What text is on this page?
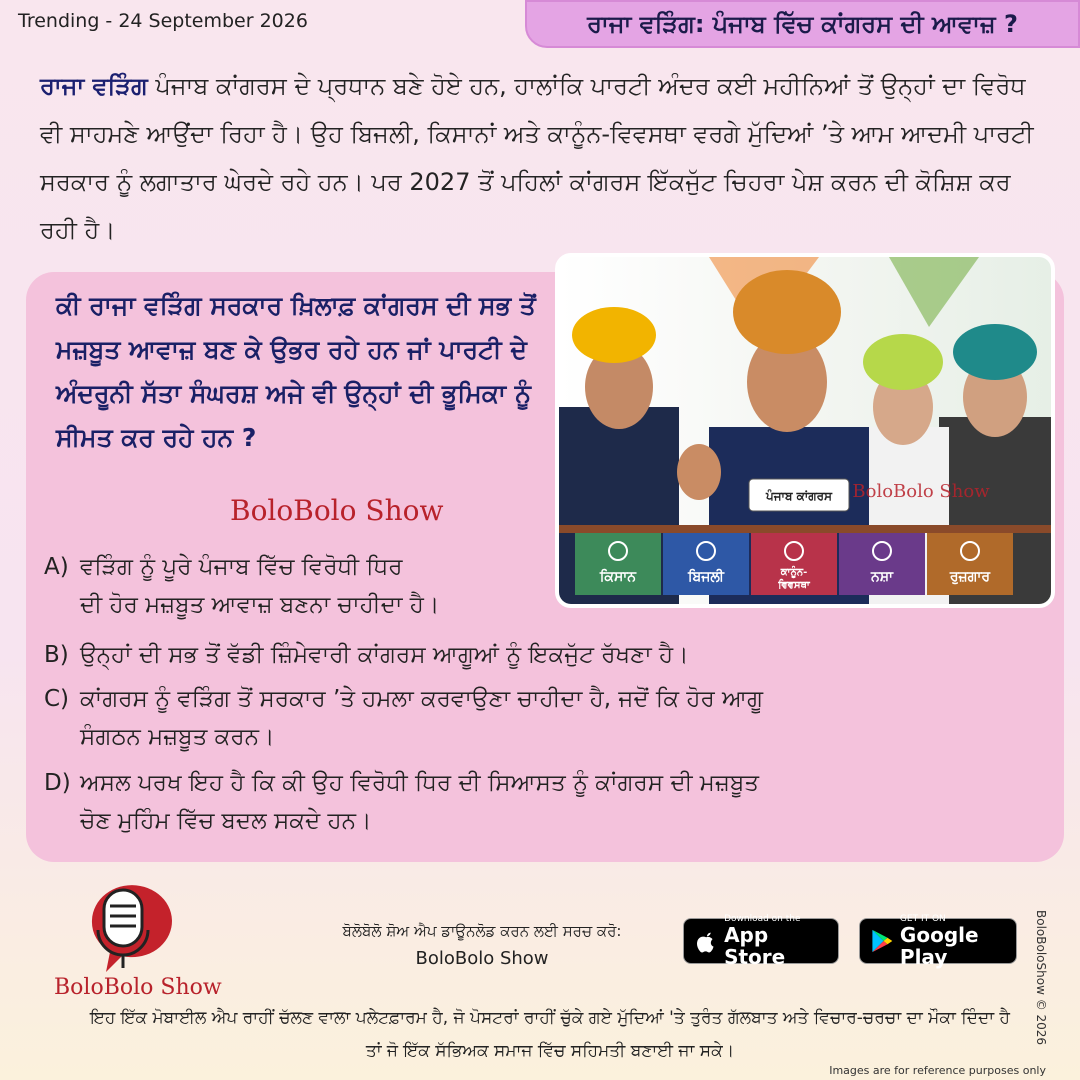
Trending - 24 September 2026	ਰਾਜਾ ਵੜਿੰਗ: ਪੰਜਾਬ ਵਿੱਚ ਕਾਂਗਰਸ ਦੀ ਆਵਾਜ਼ ?
ਰਾਜਾ ਵੜਿੰਗ ਪੰਜਾਬ ਕਾਂਗਰਸ ਦੇ ਪ੍ਰਧਾਨ ਬਣੇ ਹੋਏ ਹਨ, ਹਾਲਾਂਕਿ ਪਾਰਟੀ ਅੰਦਰ ਕਈ ਮਹੀਨਿਆਂ ਤੋਂ ਉਨ੍ਹਾਂ ਦਾ ਵਿਰੋਧ ਵੀ ਸਾਹਮਣੇ ਆਉਂਦਾ ਰਿਹਾ ਹੈ। ਉਹ ਬਿਜਲੀ, ਕਿਸਾਨਾਂ ਅਤੇ ਕਾਨੂੰਨ-ਵਿਵਸਥਾ ਵਰਗੇ ਮੁੱਦਿਆਂ ’ਤੇ ਆਮ ਆਦਮੀ ਪਾਰਟੀ ਸਰਕਾਰ ਨੂੰ ਲਗਾਤਾਰ ਘੇਰਦੇ ਰਹੇ ਹਨ। ਪਰ 2027 ਤੋਂ ਪਹਿਲਾਂ ਕਾਂਗਰਸ ਇੱਕਜੁੱਟ ਚਿਹਰਾ ਪੇਸ਼ ਕਰਨ ਦੀ ਕੋਸ਼ਿਸ਼ ਕਰ ਰਹੀ ਹੈ।
ਕੀ ਰਾਜਾ ਵੜਿੰਗ ਸਰਕਾਰ ਖ਼ਿਲਾਫ਼ ਕਾਂਗਰਸ ਦੀ ਸਭ ਤੋਂ ਮਜ਼ਬੂਤ ਆਵਾਜ਼ ਬਣ ਕੇ ਉਭਰ ਰਹੇ ਹਨ ਜਾਂ ਪਾਰਟੀ ਦੇ ਅੰਦਰੂਨੀ ਸੱਤਾ ਸੰਘਰਸ਼ ਅਜੇ ਵੀ ਉਨ੍ਹਾਂ ਦੀ ਭੂਮਿਕਾ ਨੂੰ ਸੀਮਤ ਕਰ ਰਹੇ ਹਨ ?
BoloBolo Show	ਪੰਜਾਬ ਕਾਂਗਰਸ BoloBolo Show
ਕਿਸਾਨ	ਬਿਜਲੀ	ਕਾਨੂੰਨ-
ਵਿਵਸਥਾ
ਨਸ਼ਾ	ਰੁਜ਼ਗਾਰ
A) ਵੜਿੰਗ ਨੂੰ ਪੂਰੇ ਪੰਜਾਬ ਵਿੱਚ ਵਿਰੋਧੀ ਧਿਰ
ਦੀ ਹੋਰ ਮਜ਼ਬੂਤ ਆਵਾਜ਼ ਬਣਨਾ ਚਾਹੀਦਾ ਹੈ।
B) ਉਨ੍ਹਾਂ ਦੀ ਸਭ ਤੋਂ ਵੱਡੀ ਜ਼ਿੰਮੇਵਾਰੀ ਕਾਂਗਰਸ ਆਗੂਆਂ ਨੂੰ ਇਕਜੁੱਟ ਰੱਖਣਾ ਹੈ।
C) ਕਾਂਗਰਸ ਨੂੰ ਵੜਿੰਗ ਤੋਂ ਸਰਕਾਰ ’ਤੇ ਹਮਲਾ ਕਰਵਾਉਣਾ ਚਾਹੀਦਾ ਹੈ, ਜਦੋਂ ਕਿ ਹੋਰ ਆਗੂ
ਸੰਗਠਨ ਮਜ਼ਬੂਤ ਕਰਨ।
D) ਅਸਲ ਪਰਖ ਇਹ ਹੈ ਕਿ ਕੀ ਉਹ ਵਿਰੋਧੀ ਧਿਰ ਦੀ ਸਿਆਸਤ ਨੂੰ ਕਾਂਗਰਸ ਦੀ ਮਜ਼ਬੂਤ
ਚੋਣ ਮੁਹਿੰਮ ਵਿੱਚ ਬਦਲ ਸਕਦੇ ਹਨ।
BoloBolo Show
ਬੋਲੋਬੋਲੋ ਸ਼ੋਅ ਐਪ ਡਾਊਨਲੋਡ ਕਰਨ ਲਈ ਸਰਚ ਕਰੋ:
BoloBolo Show
Download on the
App Store
GET IT ON
Google Play
ਇਹ ਇੱਕ ਮੋਬਾਈਲ ਐਪ ਰਾਹੀਂ ਚੱਲਣ ਵਾਲਾ ਪਲੇਟਫ਼ਾਰਮ ਹੈ, ਜੋ ਪੋਸਟਰਾਂ ਰਾਹੀਂ ਚੁੱਕੇ ਗਏ ਮੁੱਦਿਆਂ 'ਤੇ ਤੁਰੰਤ ਗੱਲਬਾਤ ਅਤੇ ਵਿਚਾਰ-ਚਰਚਾ ਦਾ ਮੌਕਾ ਦਿੰਦਾ ਹੈ ਤਾਂ ਜੋ ਇੱਕ ਸੱਭਿਅਕ ਸਮਾਜ ਵਿੱਚ ਸਹਿਮਤੀ ਬਣਾਈ ਜਾ ਸਕੇ।
BoloBoloShow © 2026
Images are for reference purposes only
